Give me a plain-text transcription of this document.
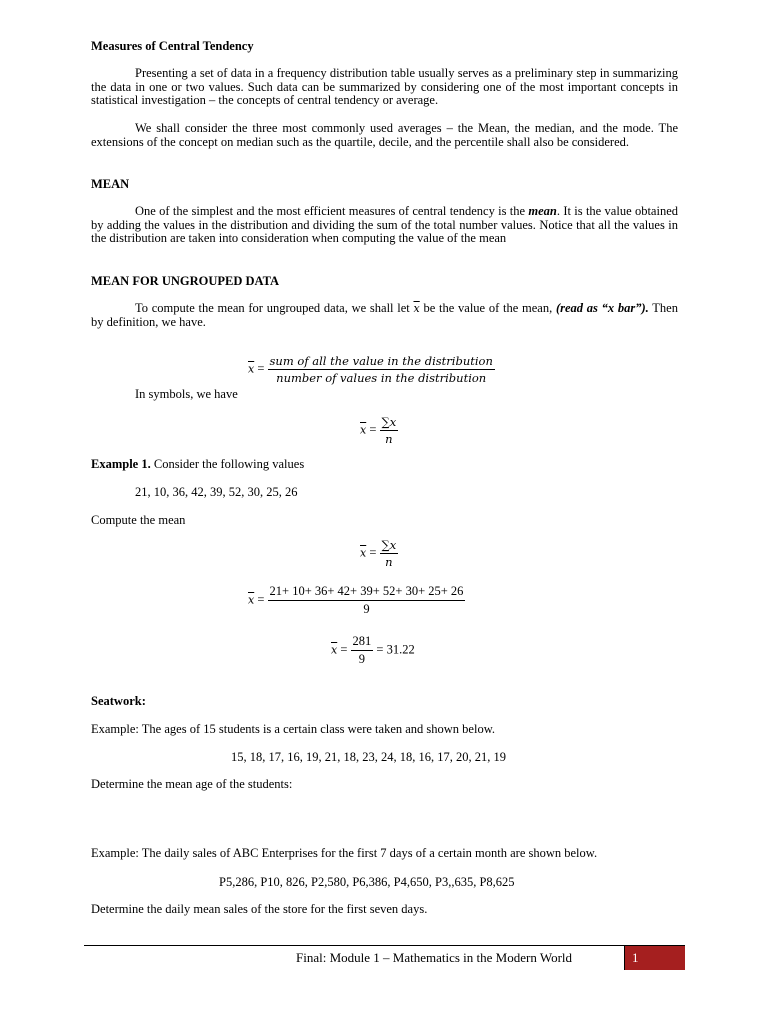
Measures of Central Tendency
Presenting a set of data in a frequency distribution table usually serves as a preliminary step in summarizing the data in one or two values. Such data can be summarized by considering one of the most important concepts in statistical investigation – the concepts of central tendency or average.
We shall consider the three most commonly used averages – the Mean, the median, and the mode. The extensions of the concept on median such as the quartile, decile, and the percentile shall also be considered.
MEAN
One of the simplest and the most efficient measures of central tendency is the mean. It is the value obtained by adding the values in the distribution and dividing the sum of the total number values. Notice that all the values in the distribution are taken into consideration when computing the value of the mean
MEAN FOR UNGROUPED DATA
To compute the mean for ungrouped data, we shall let $\overline{x}$ be the value of the mean, (read as “x bar”). Then by definition, we have.
$\overline{x} = \frac{\text{sum of all the value in the distribution}}{\text{number of values in the distribution}}$
In symbols, we have
$\overline{x} = \frac{\sum x}{n}$
Example 1. Consider the following values
21, 10, 36, 42, 39, 52, 30, 25, 26
Compute the mean
$\overline{x} = \frac{\sum x}{n}$
$\overline{x} = \frac{21+ 10+ 36+ 42+ 39+ 52+ 30+ 25+ 26}{9}$
$\overline{x} = \frac{281}{9} = 31.22$
Seatwork:
Example: The ages of 15 students is a certain class were taken and shown below.
15, 18, 17, 16, 19, 21, 18, 23, 24, 18, 16, 17, 20, 21, 19
Determine the mean age of the students:
Example: The daily sales of ABC Enterprises for the first 7 days of a certain month are shown below.
P5,286, P10, 826, P2,580, P6,386, P4,650, P3,,635, P8,625
Determine the daily mean sales of the store for the first seven days.
Final: Module 1 – Mathematics in the Modern World	1
